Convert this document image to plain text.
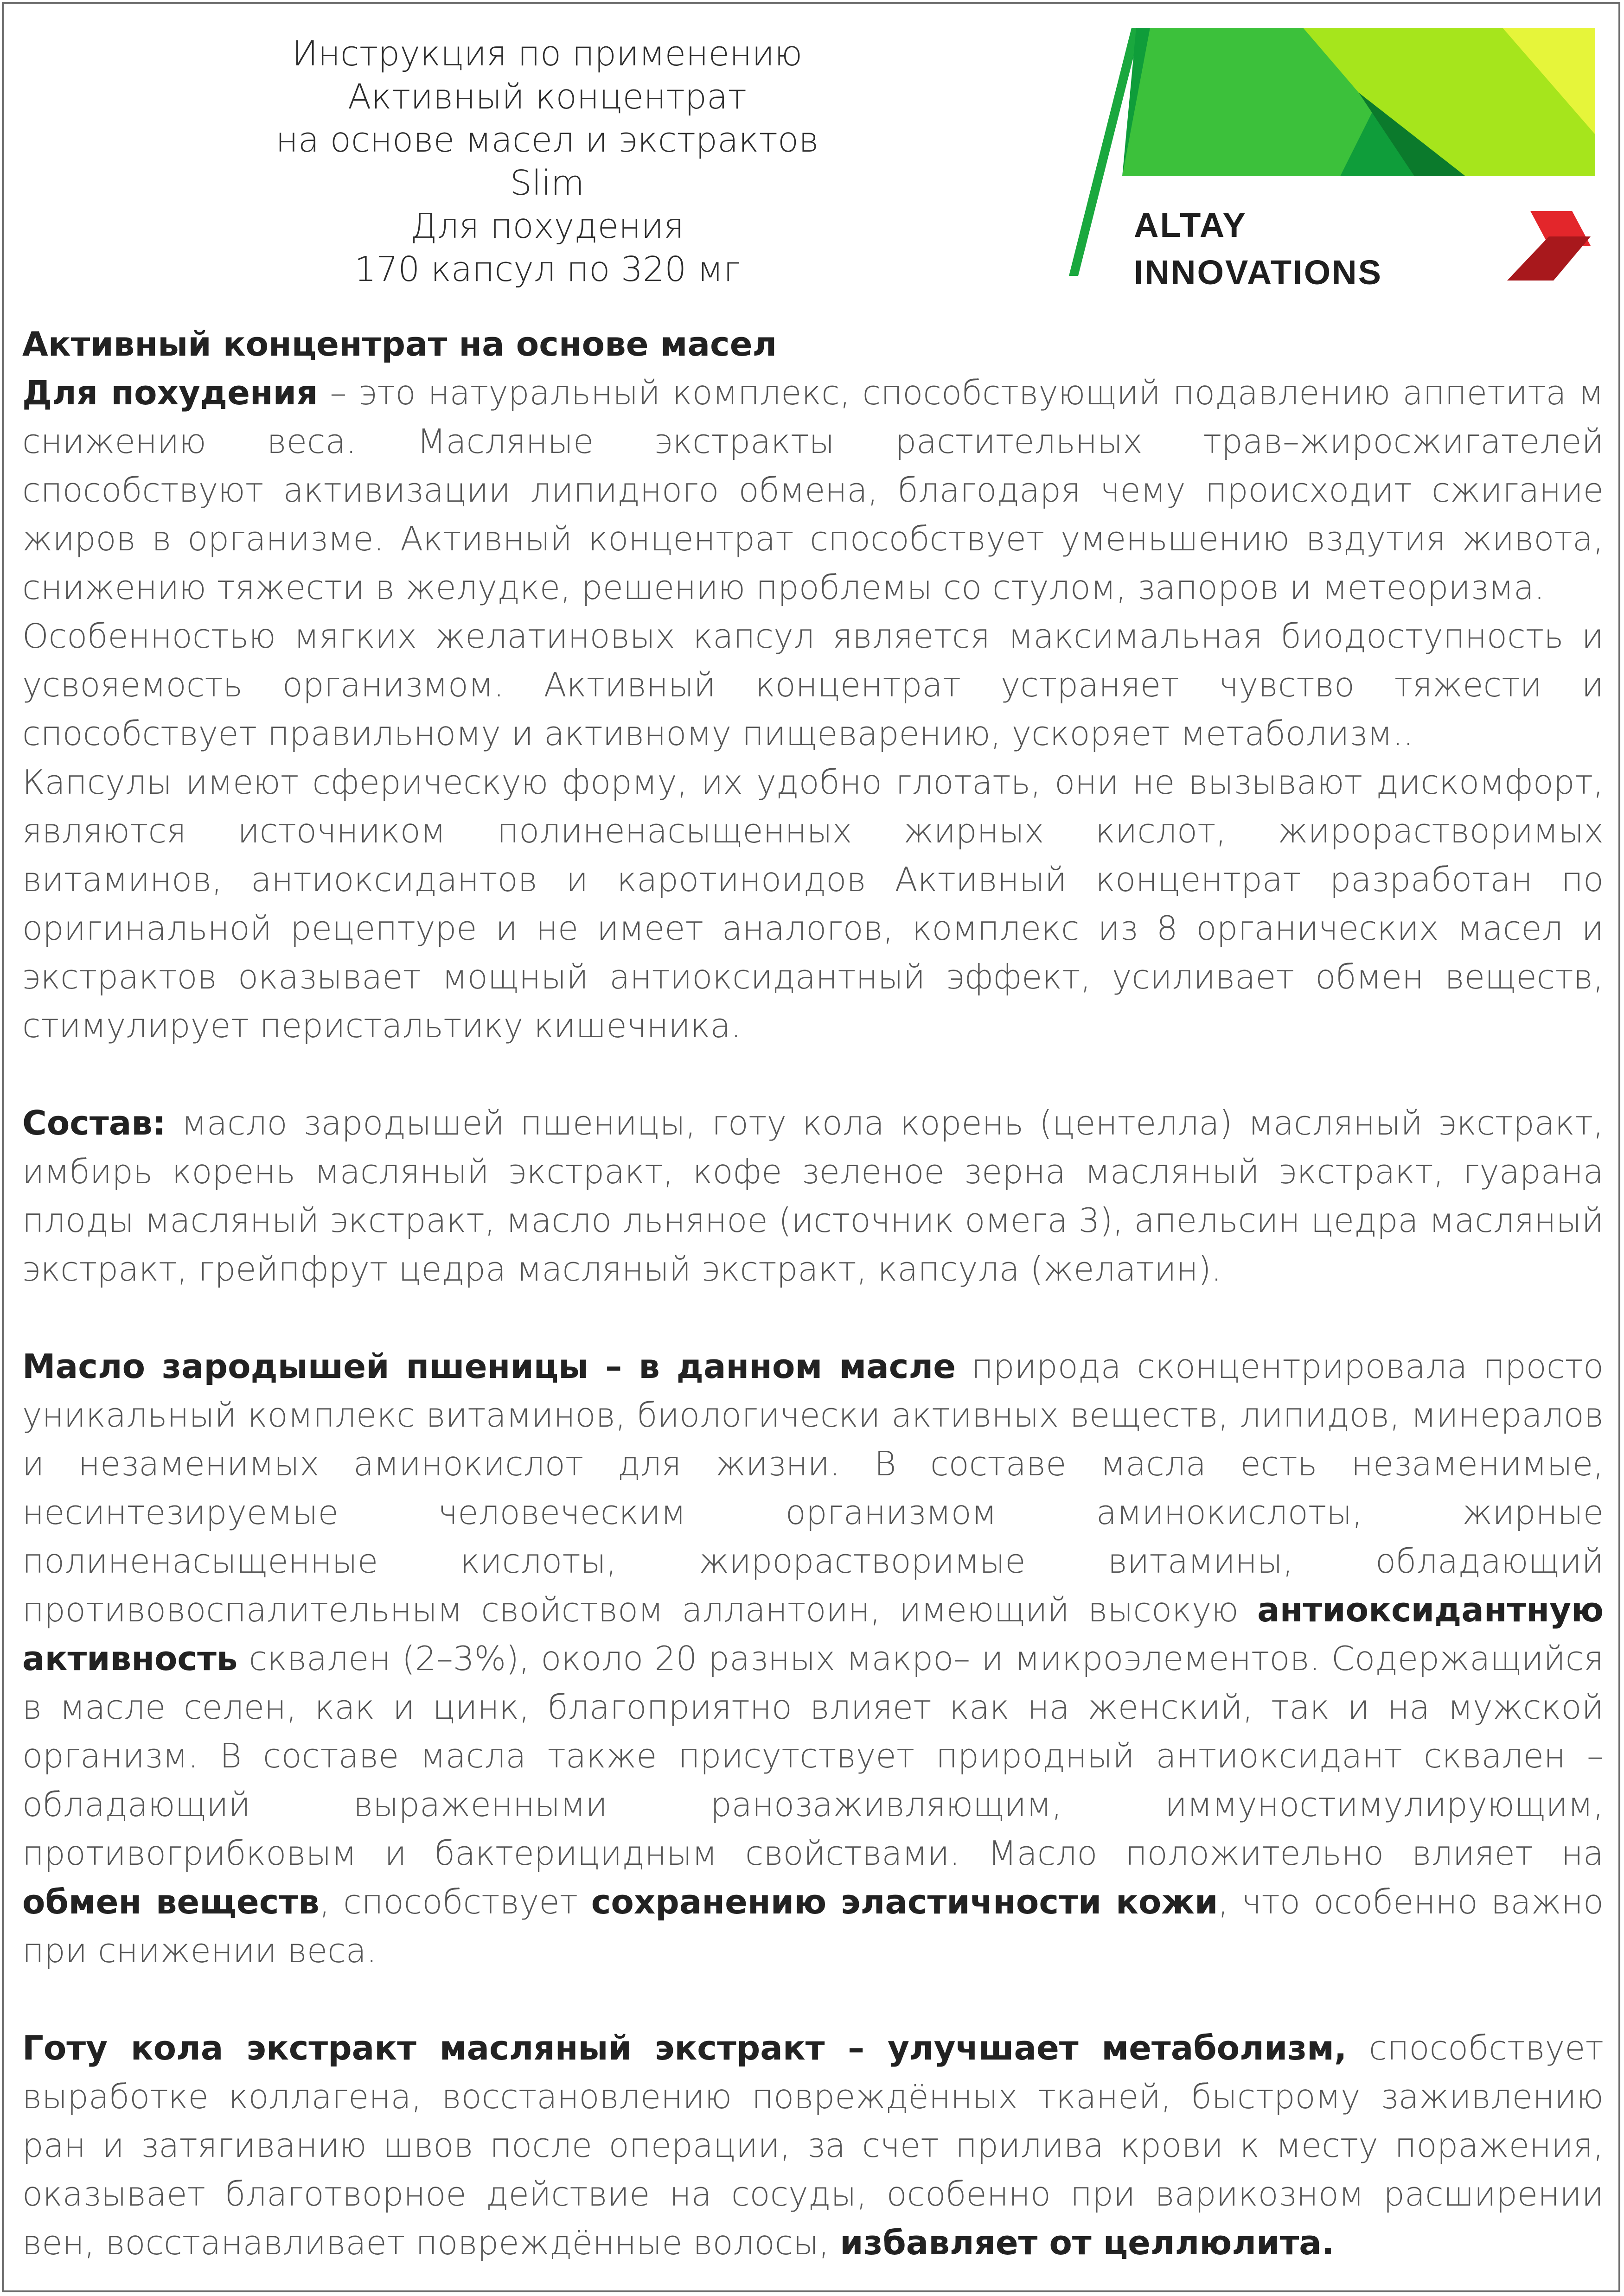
Инструкция по применению
Активный концентрат
на основе масел и экстрактов
Slim
Для похудения
170 капсул по 320 мг
ALTAY
INNOVATIONS

Активный концентрат на основе масел

Для похудения – это натуральный комплекс, способствующий подавлению аппетита м снижению веса. Масляные экстракты растительных трав–жиросжигателей способствуют активизации липидного обмена, благодаря чему происходит сжигание жиров в организме. Активный концентрат способствует уменьшению вздутия живота, снижению тяжести в желудке, решению проблемы со стулом, запоров и метеоризма.

Особенностью мягких желатиновых капсул является максимальная биодоступность и усвояемость организмом. Активный концентрат устраняет чувство тяжести и способствует правильному и активному пищеварению, ускоряет метаболизм..

Капсулы имеют сферическую форму, их удобно глотать, они не вызывают дискомфорт, являются источником полиненасыщенных жирных кислот, жирорастворимых витаминов, антиоксидантов и каротиноидов Активный концентрат разработан по оригинальной рецептуре и не имеет аналогов, комплекс из 8 органических масел и экстрактов оказывает мощный антиоксидантный эффект, усиливает обмен веществ, стимулирует перистальтику кишечника.

Состав: масло зародышей пшеницы, готу кола корень (центелла) масляный экстракт, имбирь корень масляный экстракт, кофе зеленое зерна масляный экстракт, гуарана плоды масляный экстракт, масло льняное (источник омега 3), апельсин цедра масляный экстракт, грейпфрут цедра масляный экстракт, капсула (желатин).

Масло зародышей пшеницы – в данном масле природа сконцентрировала просто уникальный комплекс витаминов, биологически активных веществ, липидов, минералов и незаменимых аминокислот для жизни. В составе масла есть незаменимые, несинтезируемые человеческим организмом аминокислоты, жирные полиненасыщенные кислоты, жирорастворимые витамины, обладающий противовоспалительным свойством аллантоин, имеющий высокую антиоксидантную активность сквален (2–3%), около 20 разных макро– и микроэлементов. Содержащийся в масле селен, как и цинк, благоприятно влияет как на женский, так и на мужской организм. В составе масла также присутствует природный антиоксидант сквален – обладающий выраженными ранозаживляющим, иммуностимулирующим, противогрибковым и бактерицидным свойствами. Масло положительно влияет на обмен веществ, способствует сохранению эластичности кожи, что особенно важно при снижении веса.

Готу кола экстракт масляный экстракт – улучшает метаболизм, способствует выработке коллагена, восстановлению повреждённых тканей, быстрому заживлению ран и затягиванию швов после операции, за счет прилива крови к месту поражения, оказывает благотворное действие на сосуды, особенно при варикозном расширении вен, восстанавливает повреждённые волосы, избавляет от целлюлита.
